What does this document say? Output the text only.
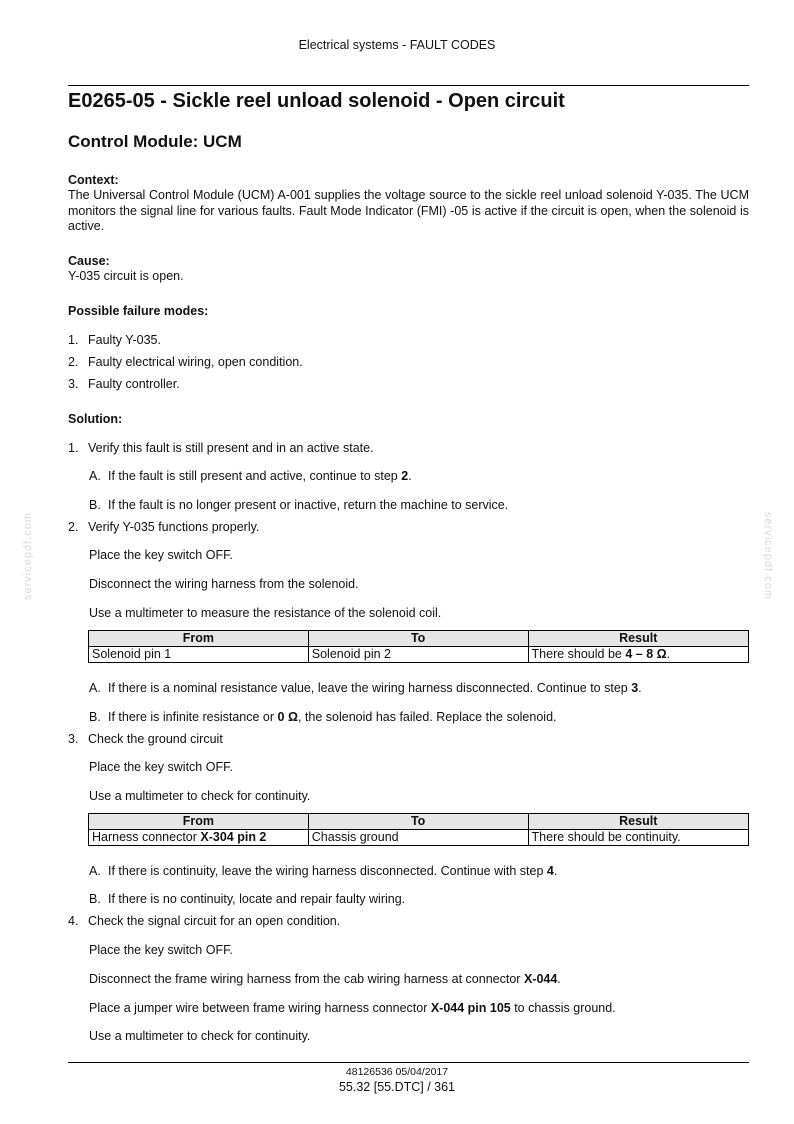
Electrical systems - FAULT CODES
E0265-05 - Sickle reel unload solenoid - Open circuit
Control Module: UCM
Context:
The Universal Control Module (UCM) A-001 supplies the voltage source to the sickle reel unload solenoid Y-035. The UCM monitors the signal line for various faults. Fault Mode Indicator (FMI) -05 is active if the circuit is open, when the solenoid is active.
Cause:
Y-035 circuit is open.
Possible failure modes:
1. Faulty Y-035.
2. Faulty electrical wiring, open condition.
3. Faulty controller.
Solution:
1. Verify this fault is still present and in an active state.
A. If the fault is still present and active, continue to step 2.
B. If the fault is no longer present or inactive, return the machine to service.
2. Verify Y-035 functions properly.
Place the key switch OFF.
Disconnect the wiring harness from the solenoid.
Use a multimeter to measure the resistance of the solenoid coil.
From	To	Result
Solenoid pin 1	Solenoid pin 2	There should be 4 – 8 Ω.
A. If there is a nominal resistance value, leave the wiring harness disconnected. Continue to step 3.
B. If there is infinite resistance or 0 Ω, the solenoid has failed. Replace the solenoid.
3. Check the ground circuit
Place the key switch OFF.
Use a multimeter to check for continuity.
From	To	Result
Harness connector X-304 pin 2	Chassis ground	There should be continuity.
A. If there is continuity, leave the wiring harness disconnected. Continue with step 4.
B. If there is no continuity, locate and repair faulty wiring.
4. Check the signal circuit for an open condition.
Place the key switch OFF.
Disconnect the frame wiring harness from the cab wiring harness at connector X-044.
Place a jumper wire between frame wiring harness connector X-044 pin 105 to chassis ground.
Use a multimeter to check for continuity.
servicepdf.com	servicepdf.com
48126536 05/04/2017
55.32 [55.DTC] / 361
